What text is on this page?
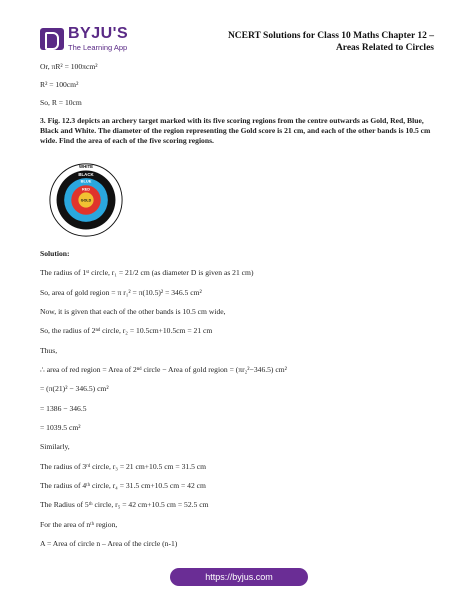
BYJU'S
The Learning App
NCERT Solutions for Class 10 Maths Chapter 12 –
Areas Related to Circles
Or, πR² = 100πcm²
R² = 100cm²
So, R = 10cm
3. Fig. 12.3 depicts an archery target marked with its five scoring regions from the centre outwards as Gold, Red, Blue, Black and White. The diameter of the region representing the Gold score is 21 cm, and each of the other bands is 10.5 cm wide. Find the area of each of the five scoring regions.
Solution:
The radius of 1ˢᵗ circle, r₁ = 21/2 cm (as diameter D is given as 21 cm)
So, area of gold region = π r₁² = π(10.5)² = 346.5 cm²
Now, it is given that each of the other bands is 10.5 cm wide,
So, the radius of 2ⁿᵈ circle, r₂ = 10.5cm+10.5cm = 21 cm
Thus,
∴ area of red region = Area of 2ⁿᵈ circle − Area of gold region = (πr₂²−346.5) cm²
= (π(21)² − 346.5) cm²
= 1386 − 346.5
= 1039.5 cm²
Similarly,
The radius of 3ʳᵈ circle, r₃ = 21 cm+10.5 cm = 31.5 cm
The radius of 4ᵗʰ circle, r₄ = 31.5 cm+10.5 cm = 42 cm
The Radius of 5ᵗʰ circle, r₅ = 42 cm+10.5 cm = 52.5 cm
For the area of nᵗʰ region,
A = Area of circle n – Area of the circle (n-1)
WHITE
BLACK
BLUE
RED
GOLD
https://byjus.com
